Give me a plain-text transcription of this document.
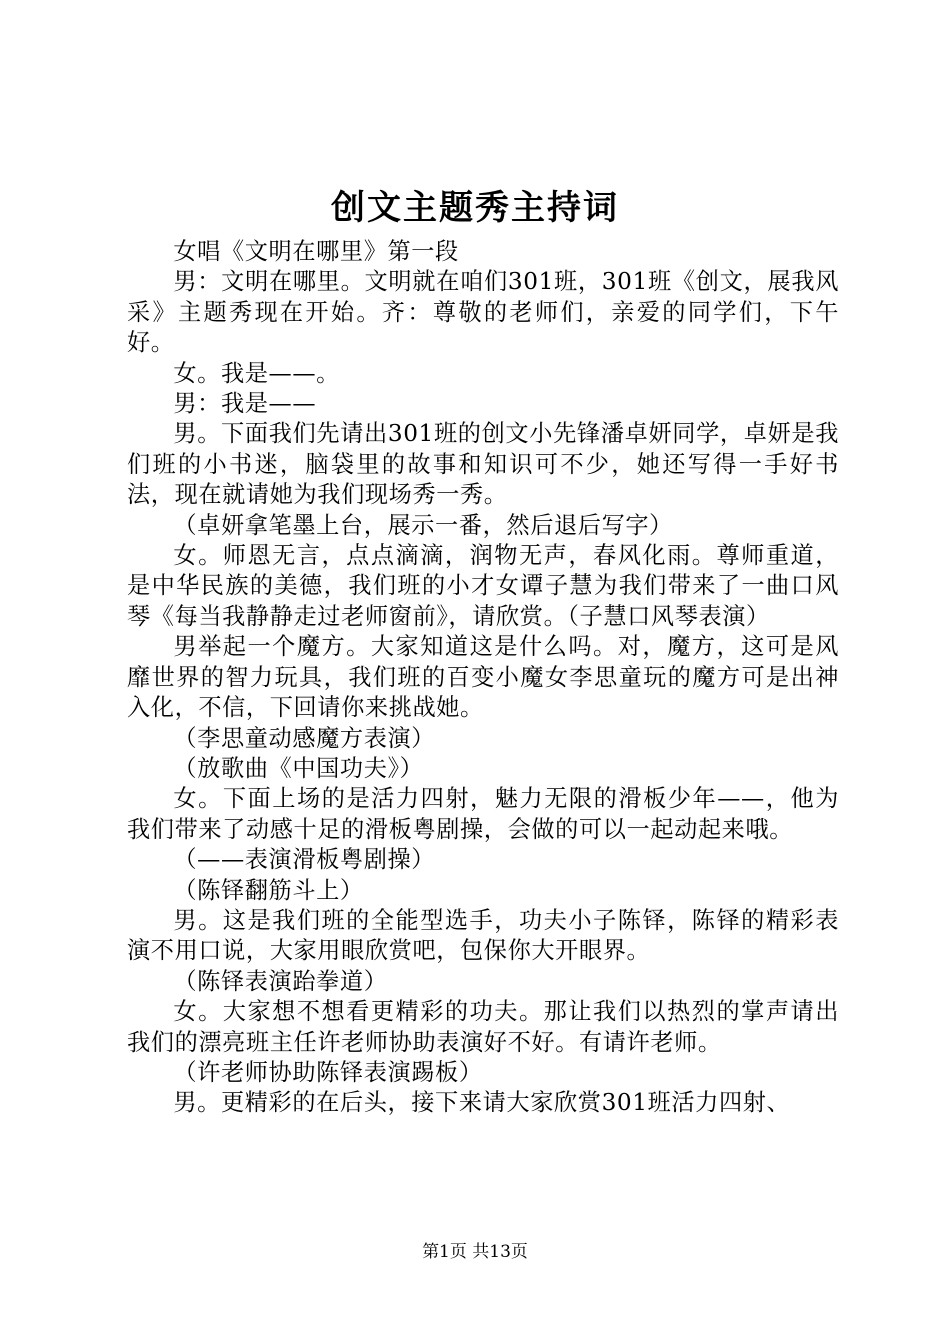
创文主题秀主持词

女唱《文明在哪里》第一段

男：文明在哪里。文明就在咱们301班，301班《创文，展我风采》主题秀现在开始。齐：尊敬的老师们，亲爱的同学们，下午好。

女。我是——。

男：我是——

男。下面我们先请出301班的创文小先锋潘卓妍同学，卓妍是我们班的小书迷，脑袋里的故事和知识可不少，她还写得一手好书法，现在就请她为我们现场秀一秀。

（卓妍拿笔墨上台，展示一番，然后退后写字）

女。师恩无言，点点滴滴，润物无声，春风化雨。尊师重道，是中华民族的美德，我们班的小才女谭子慧为我们带来了一曲口风琴《每当我静静走过老师窗前》，请欣赏。（子慧口风琴表演）

男举起一个魔方。大家知道这是什么吗。对，魔方，这可是风靡世界的智力玩具，我们班的百变小魔女李思童玩的魔方可是出神入化，不信，下回请你来挑战她。

（李思童动感魔方表演）

（放歌曲《中国功夫》）

女。下面上场的是活力四射，魅力无限的滑板少年——，他为我们带来了动感十足的滑板粤剧操，会做的可以一起动起来哦。

（——表演滑板粤剧操）

（陈铎翻筋斗上）

男。这是我们班的全能型选手，功夫小子陈铎，陈铎的精彩表演不用口说，大家用眼欣赏吧，包保你大开眼界。

（陈铎表演跆拳道）

女。大家想不想看更精彩的功夫。那让我们以热烈的掌声请出我们的漂亮班主任许老师协助表演好不好。有请许老师。

（许老师协助陈铎表演踢板）

男。更精彩的在后头，接下来请大家欣赏301班活力四射、

第1页 共13页
